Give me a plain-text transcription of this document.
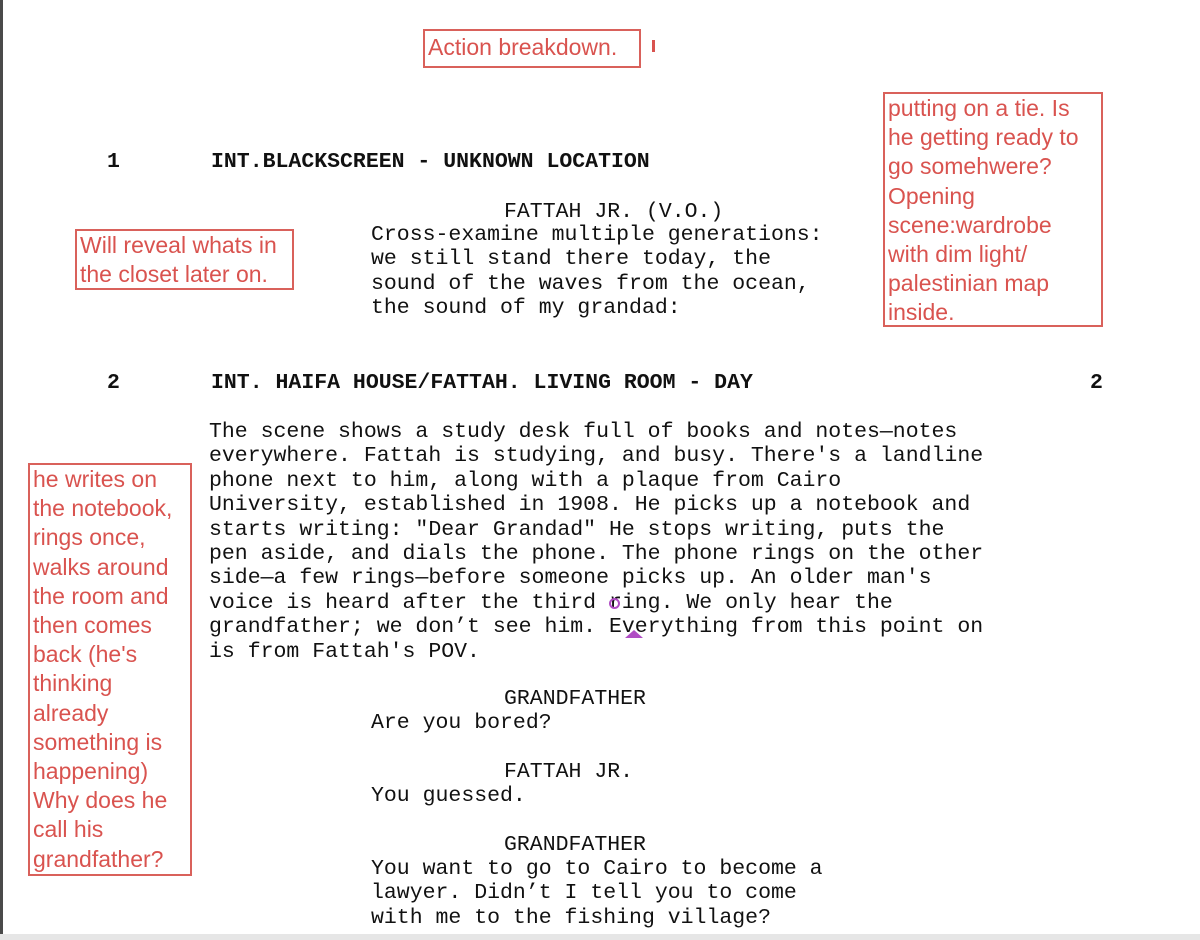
Action breakdown.
1	INT.BLACKSCREEN - UNKNOWN LOCATION
FATTAH JR. (V.O.)
Cross-examine multiple generations:
we still stand there today, the
sound of the waves from the ocean,
the sound of my grandad:
Will reveal whats in
the closet later on.
putting on a tie. Is
he getting ready to
go somehwere?
Opening
scene:wardrobe
with dim light/
palestinian map
inside.
2	INT. HAIFA HOUSE/FATTAH. LIVING ROOM - DAY	2
The scene shows a study desk full of books and notes—notes
everywhere. Fattah is studying, and busy. There's a landline
phone next to him, along with a plaque from Cairo
University, established in 1908. He picks up a notebook and
starts writing: "Dear Grandad" He stops writing, puts the
pen aside, and dials the phone. The phone rings on the other
side—a few rings—before someone picks up. An older man's
voice is heard after the third ring. We only hear the
grandfather; we don’t see him. Everything from this point on
is from Fattah's POV.
he writes on
the notebook,
rings once,
walks around
the room and
then comes
back (he's
thinking
already
something is
happening)
Why does he
call his
grandfather?
GRANDFATHER
Are you bored?
FATTAH JR.
You guessed.
GRANDFATHER
You want to go to Cairo to become a
lawyer. Didn’t I tell you to come
with me to the fishing village?
